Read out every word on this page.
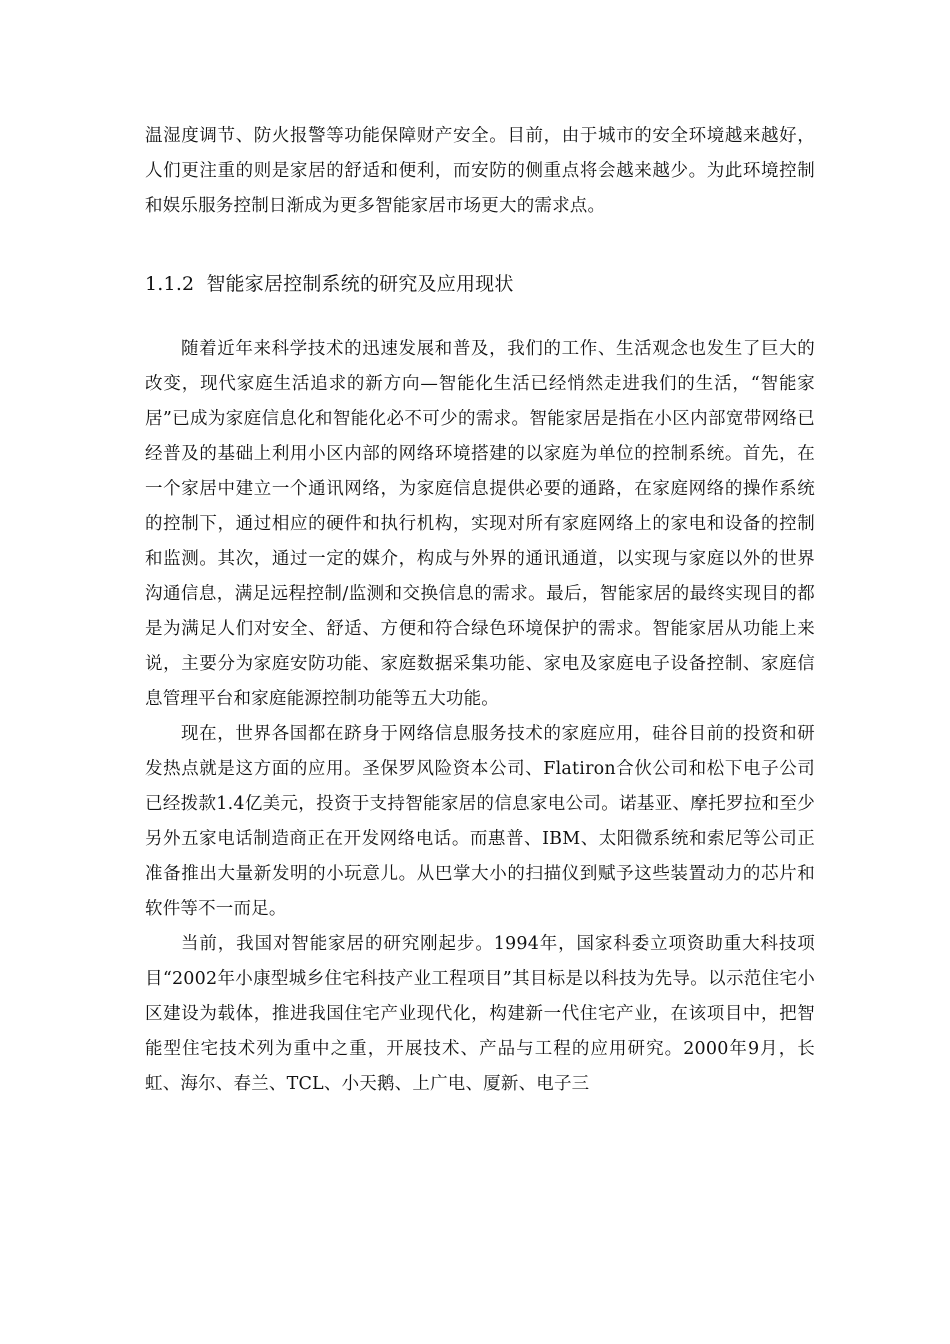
温湿度调节、防火报警等功能保障财产安全。目前，由于城市的安全环境越来越好，人们更注重的则是家居的舒适和便利，而安防的侧重点将会越来越少。为此环境控制和娱乐服务控制日渐成为更多智能家居市场更大的需求点。

1.1.2 智能家居控制系统的研究及应用现状

随着近年来科学技术的迅速发展和普及，我们的工作、生活观念也发生了巨大的改变，现代家庭生活追求的新方向—智能化生活已经悄然走进我们的生活，“智能家居”已成为家庭信息化和智能化必不可少的需求。智能家居是指在小区内部宽带网络已经普及的基础上利用小区内部的网络环境搭建的以家庭为单位的控制系统。首先，在一个家居中建立一个通讯网络，为家庭信息提供必要的通路，在家庭网络的操作系统的控制下，通过相应的硬件和执行机构，实现对所有家庭网络上的家电和设备的控制和监测。其次，通过一定的媒介，构成与外界的通讯通道，以实现与家庭以外的世界沟通信息，满足远程控制/监测和交换信息的需求。最后，智能家居的最终实现目的都是为满足人们对安全、舒适、方便和符合绿色环境保护的需求。智能家居从功能上来说，主要分为家庭安防功能、家庭数据采集功能、家电及家庭电子设备控制、家庭信息管理平台和家庭能源控制功能等五大功能。

现在，世界各国都在跻身于网络信息服务技术的家庭应用，硅谷目前的投资和研发热点就是这方面的应用。圣保罗风险资本公司、Flatiron合伙公司和松下电子公司已经拨款1.4亿美元，投资于支持智能家居的信息家电公司。诺基亚、摩托罗拉和至少另外五家电话制造商正在开发网络电话。而惠普、IBM、太阳微系统和索尼等公司正准备推出大量新发明的小玩意儿。从巴掌大小的扫描仪到赋予这些装置动力的芯片和软件等不一而足。

当前，我国对智能家居的研究刚起步。1994年，国家科委立项资助重大科技项目“2002年小康型城乡住宅科技产业工程项目”其目标是以科技为先导。以示范住宅小区建设为载体，推进我国住宅产业现代化，构建新一代住宅产业，在该项目中，把智能型住宅技术列为重中之重，开展技术、产品与工程的应用研究。2000年9月，长虹、海尔、春兰、TCL、小天鹅、上广电、厦新、电子三
